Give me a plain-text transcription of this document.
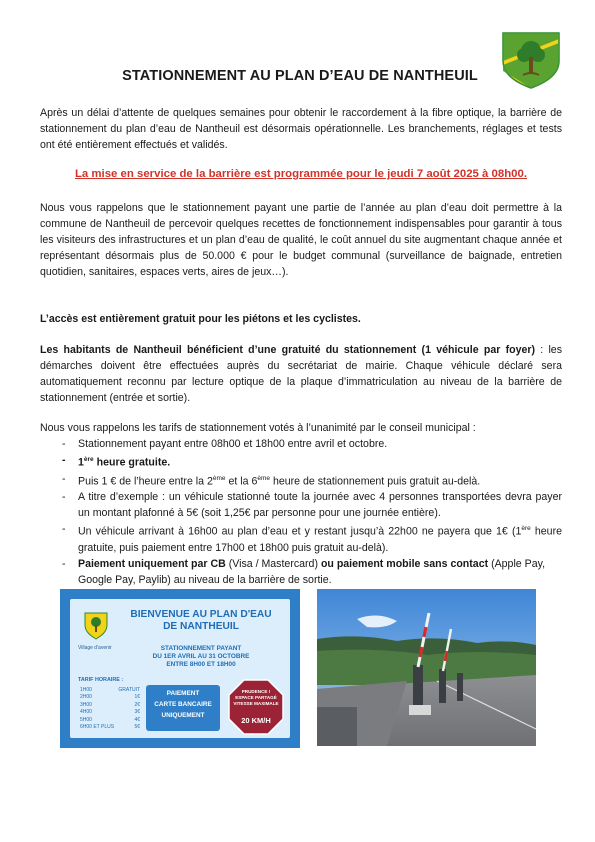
STATIONNEMENT AU PLAN D’EAU DE NANTHEUIL

Après un délai d’attente de quelques semaines pour obtenir le raccordement à la fibre optique, la barrière de stationnement du plan d’eau de Nantheuil est désormais opérationnelle. Les branchements, réglages et tests ont été entièrement effectués et validés.

La mise en service de la barrière est programmée pour le jeudi 7 août 2025 à 08h00.

Nous vous rappelons que le stationnement payant une partie de l’année au plan d’eau doit permettre à la commune de Nantheuil de percevoir quelques recettes de fonctionnement indispensables pour garantir à tous les visiteurs des infrastructures et un plan d’eau de qualité, le coût annuel du site augmentant chaque année et représentant désormais plus de 50.000 € pour le budget communal (surveillance de baignade, entretien quotidien, sanitaires, espaces verts, aires de jeux…).

L’accès est entièrement gratuit pour les piétons et les cyclistes.

Les habitants de Nantheuil bénéficient d’une gratuité du stationnement (1 véhicule par foyer) : les démarches doivent être effectuées auprès du secrétariat de mairie. Chaque véhicule déclaré sera automatiquement reconnu par lecture optique de la plaque d’immatriculation au niveau de la barrière de stationnement (entrée et sortie).

Nous vous rappelons les tarifs de stationnement votés à l’unanimité par le conseil municipal :

- Stationnement payant entre 08h00 et 18h00 entre avril et octobre.
- 1ère heure gratuite.
- Puis 1 € de l’heure entre la 2ème et la 6ème heure de stationnement puis gratuit au-delà.
- A titre d’exemple : un véhicule stationné toute la journée avec 4 personnes transportées devra payer un montant plafonné à 5€ (soit 1,25€ par personne pour une journée entière).
- Un véhicule arrivant à 16h00 au plan d’eau et y restant jusqu’à 22h00 ne payera que 1€ (1ère heure gratuite, puis paiement entre 17h00 et 18h00 puis gratuit au-delà).
- Paiement uniquement par CB (Visa / Mastercard) ou paiement mobile sans contact (Apple Pay, Google Pay, Paylib) au niveau de la barrière de sortie.
BIENVENUE AU PLAN D'EAU
DE NANTHEUIL
Village d'avenir	STATIONNEMENT PAYANT
DU 1ER AVRIL AU 31 OCTOBRE
ENTRE 8H00 ET 18H00
TARIF HORAIRE :
1H00	GRATUIT
2H00	1€
3H00	2€
4H00	3€
5H00	4€
6H00 ET PLUS	5€
PAIEMENT
CARTE BANCAIRE
UNIQUEMENT
PRUDENCE !
ESPACE PARTAGÉ
VITESSE MAXIMALE
20 KM/H
